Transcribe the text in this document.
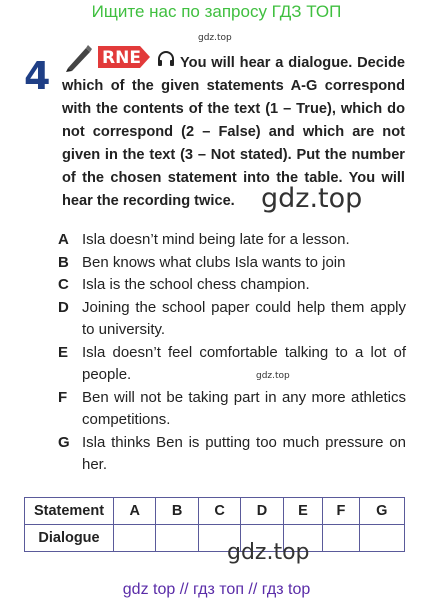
Ищите нас по запросу ГДЗ ТОП
gdz.top
gdz.top
4	RNE	You will hear a dialogue. Decide which of the given statements A-G correspond with the contents of the text (1 – True), which do not correspond (2 – False) and which are not given in the text (3 – Not stated). Put the number of the chosen statement into the table. You will hear the recording twice.
A Isla doesn’t mind being late for a lesson.
B Ben knows what clubs Isla wants to join
C Isla is the school chess champion.
D Joining the school paper could help them apply to university.
E Isla doesn’t feel comfortable talking to a lot of people.
F Ben will not be taking part in any more athletics competitions.
G Isla thinks Ben is putting too much pressure on her.
gdz.top
Statement	A	B	C	D	E	F	G
Dialogue							
gdz.top
gdz top // гдз топ // гдз top
